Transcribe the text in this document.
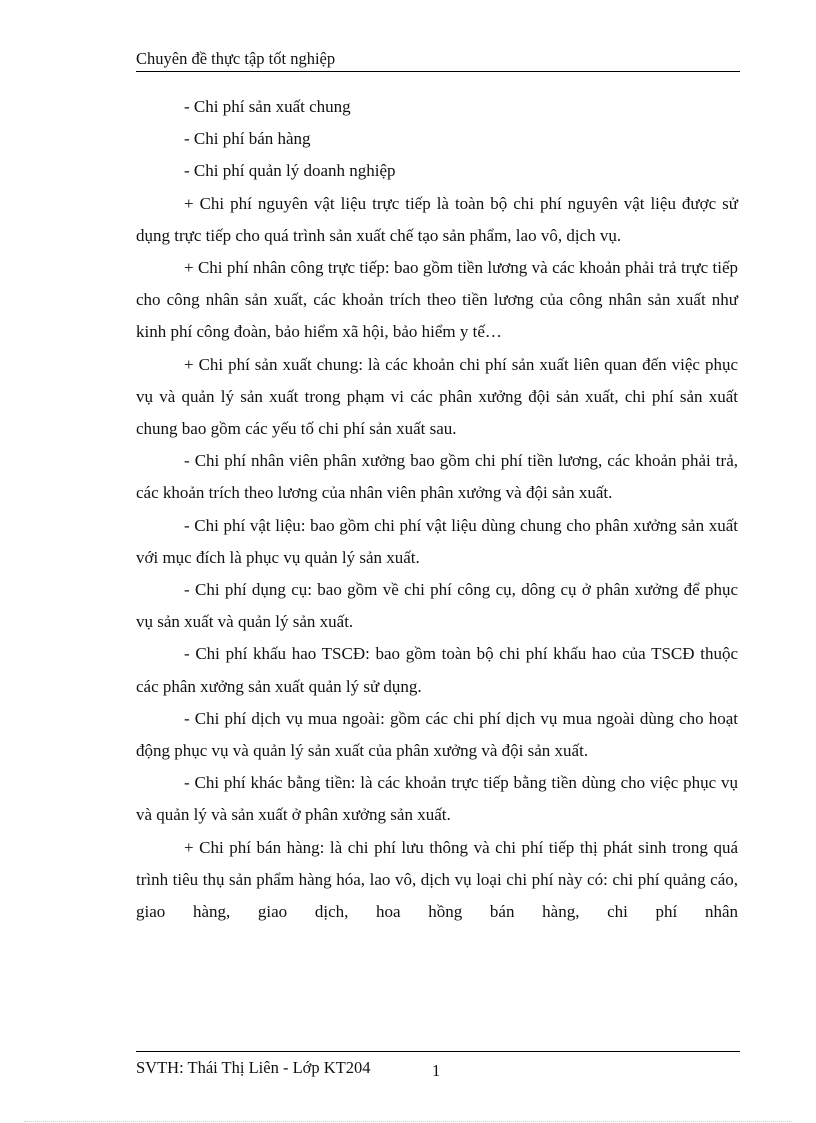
Chuyên đề thực tập tốt nghiệp

- Chi phí sản xuất chung

- Chi phí bán hàng

- Chi phí quản lý doanh nghiệp

+ Chi phí nguyên vật liệu trực tiếp là toàn bộ chi phí nguyên vật liệu được sử dụng trực tiếp cho quá trình sản xuất chế tạo sản phẩm, lao vô, dịch vụ.

+ Chi phí nhân công trực tiếp: bao gồm tiền lương và các khoản phải trả trực tiếp cho công nhân sản xuất, các khoản trích theo tiền lương của công nhân sản xuất như kinh phí công đoàn, bảo hiểm xã hội, bảo hiểm y tế…

+ Chi phí sản xuất chung: là các khoản chi phí sản xuất liên quan đến việc phục vụ và quản lý sản xuất trong phạm vi các phân xưởng đội sản xuất, chi phí sản xuất chung bao gồm các yếu tố chi phí sản xuất sau.

- Chi phí nhân viên phân xưởng bao gồm chi phí tiền lương, các khoản phải trả, các khoản trích theo lương của nhân viên phân xưởng và đội sản xuất.

- Chi phí vật liệu: bao gồm chi phí vật liệu dùng chung cho phân xưởng sản xuất với mục đích là phục vụ quản lý sản xuất.

- Chi phí dụng cụ: bao gồm về chi phí công cụ, dông cụ ở phân xưởng để phục vụ sản xuất và quản lý sản xuất.

- Chi phí khấu hao TSCĐ: bao gồm toàn bộ chi phí khấu hao của TSCĐ thuộc các phân xưởng sản xuất quản lý sử dụng.

- Chi phí dịch vụ mua ngoài: gồm các chi phí dịch vụ mua ngoài dùng cho hoạt động phục vụ và quản lý sản xuất của phân xưởng và đội sản xuất.

- Chi phí khác bằng tiền: là các khoản trực tiếp bằng tiền dùng cho việc phục vụ và quản lý và sản xuất ở phân xưởng sản xuất.

+ Chi phí bán hàng: là chi phí lưu thông và chi phí tiếp thị phát sinh trong quá trình tiêu thụ sản phẩm hàng hóa, lao vô, dịch vụ loại chi phí này có: chi phí quảng cáo, giao hàng, giao dịch, hoa hồng bán hàng, chi phí nhân

SVTH: Thái Thị Liên - Lớp KT204	1
